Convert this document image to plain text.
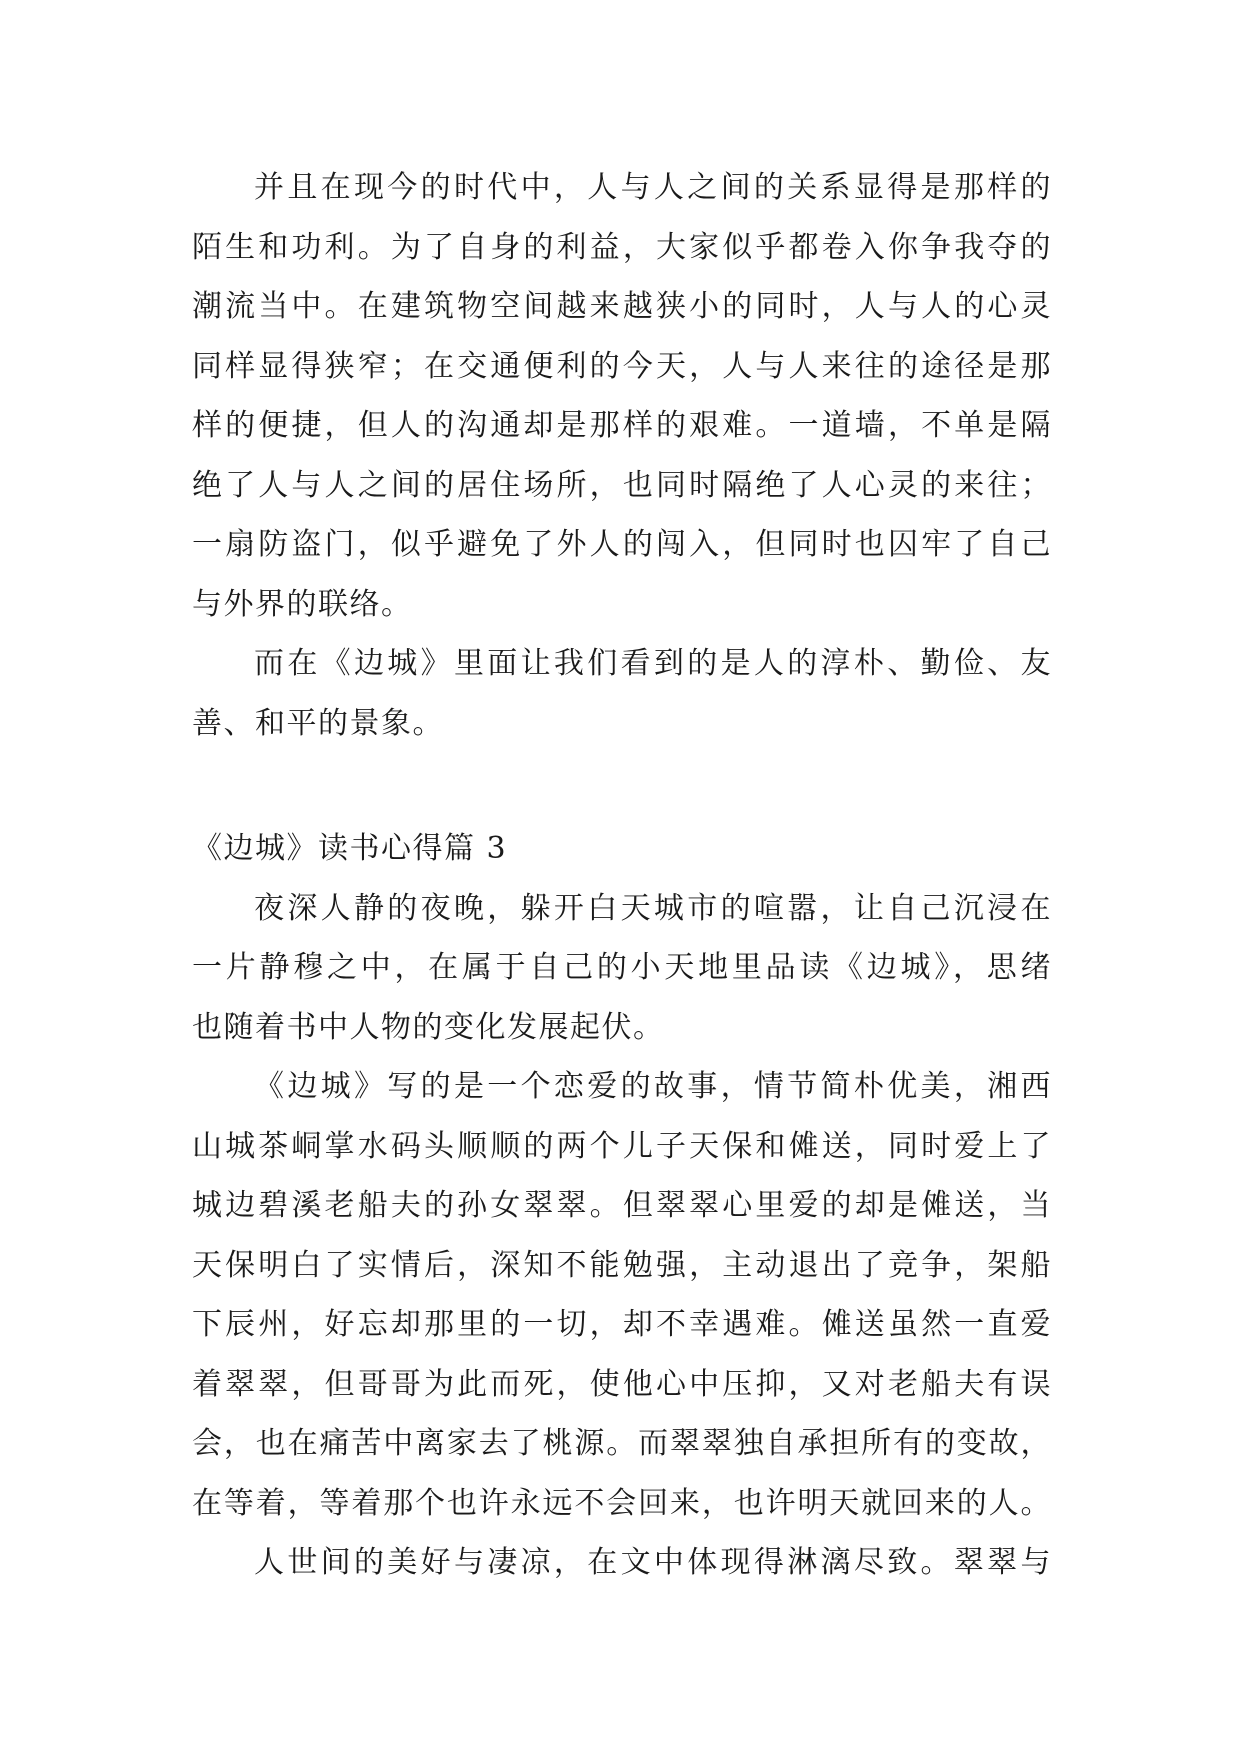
并且在现今的时代中，人与人之间的关系显得是那样的
陌生和功利。为了自身的利益，大家似乎都卷入你争我夺的
潮流当中。在建筑物空间越来越狭小的同时，人与人的心灵
同样显得狭窄；在交通便利的今天，人与人来往的途径是那
样的便捷，但人的沟通却是那样的艰难。一道墙，不单是隔
绝了人与人之间的居住场所，也同时隔绝了人心灵的来往；
一扇防盗门，似乎避免了外人的闯入，但同时也囚牢了自己
与外界的联络。
而在《边城》里面让我们看到的是人的淳朴、勤俭、友
善、和平的景象。
《边城》读书心得篇 3
夜深人静的夜晚，躲开白天城市的喧嚣，让自己沉浸在
一片静穆之中，在属于自己的小天地里品读《边城》，思绪
也随着书中人物的变化发展起伏。
《边城》写的是一个恋爱的故事，情节简朴优美，湘西
山城茶峒掌水码头顺顺的两个儿子天保和傩送，同时爱上了
城边碧溪老船夫的孙女翠翠。但翠翠心里爱的却是傩送，当
天保明白了实情后，深知不能勉强，主动退出了竞争，架船
下辰州，好忘却那里的一切，却不幸遇难。傩送虽然一直爱
着翠翠，但哥哥为此而死，使他心中压抑，又对老船夫有误
会，也在痛苦中离家去了桃源。而翠翠独自承担所有的变故，
在等着，等着那个也许永远不会回来，也许明天就回来的人。
人世间的美好与凄凉，在文中体现得淋漓尽致。翠翠与
